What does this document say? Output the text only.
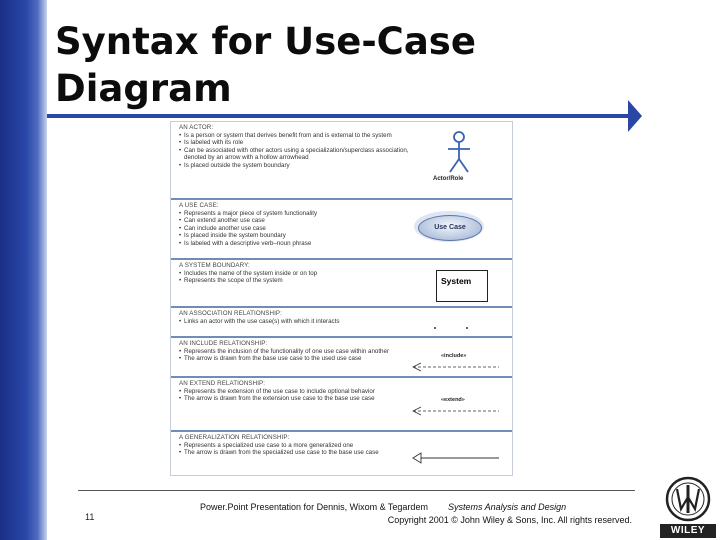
Syntax for Use-Case
Diagram
AN ACTOR:
• Is a person or system that derives benefit from and is external to the system
• Is labeled with its role
• Can be associated with other actors using a specialization/superclass association, denoted by an arrow with a hollow arrowhead
• Is placed outside the system boundary
Actor/Role
A USE CASE:
• Represents a major piece of system functionality
• Can extend another use case
• Can include another use case
• Is placed inside the system boundary
• Is labeled with a descriptive verb–noun phrase
Use Case
A SYSTEM BOUNDARY:
• Includes the name of the system inside or on top
• Represents the scope of the system	System
AN ASSOCIATION RELATIONSHIP:
• Links an actor with the use case(s) with which it interacts
AN INCLUDE RELATIONSHIP:
• Represents the inclusion of the functionality of one use case within another
• The arrow is drawn from the base use case to the used use case	«include»
AN EXTEND RELATIONSHIP:
• Represents the extension of the use case to include optional behavior
• The arrow is drawn from the extension use case to the base use case	«extend»
A GENERALIZATION RELATIONSHIP:
• Represents a specialized use case to a more generalized one
• The arrow is drawn from the specialized use case to the base use case
11
Power.Point Presentation for Dennis, Wixom & Tegardem Systems Analysis and Design
Copyright 2001 © John Wiley & Sons, Inc. All rights reserved.
WILEY
